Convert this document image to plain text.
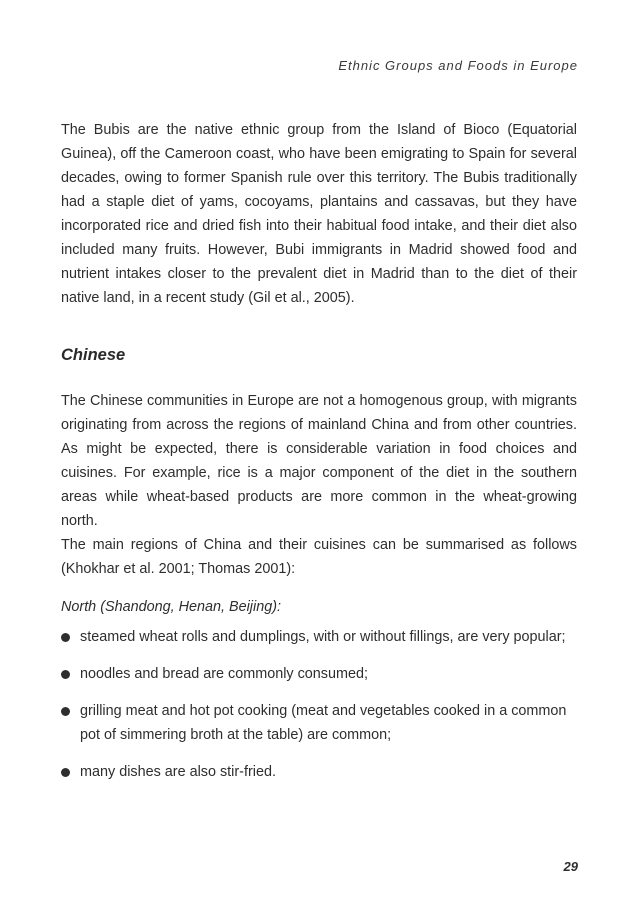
Ethnic Groups and Foods in Europe

The Bubis are the native ethnic group from the Island of Bioco (Equatorial Guinea), off the Cameroon coast, who have been emigrating to Spain for several decades, owing to former Spanish rule over this territory. The Bubis traditionally had a staple diet of yams, cocoyams, plantains and cassavas, but they have incorporated rice and dried fish into their habitual food intake, and their diet also included many fruits. However, Bubi immigrants in Madrid showed food and nutrient intakes closer to the prevalent diet in Madrid than to the diet of their native land, in a recent study (Gil et al., 2005).

Chinese

The Chinese communities in Europe are not a homogenous group, with migrants originating from across the regions of mainland China and from other countries. As might be expected, there is considerable variation in food choices and cuisines. For example, rice is a major component of the diet in the southern areas while wheat-based products are more common in the wheat-growing north.

The main regions of China and their cuisines can be summarised as follows (Khokhar et al. 2001; Thomas 2001):

North (Shandong, Henan, Beijing):

steamed wheat rolls and dumplings, with or without fillings, are very popular;
noodles and bread are commonly consumed;
grilling meat and hot pot cooking (meat and vegetables cooked in a common pot of simmering broth at the table) are common;
many dishes are also stir-fried.
29
